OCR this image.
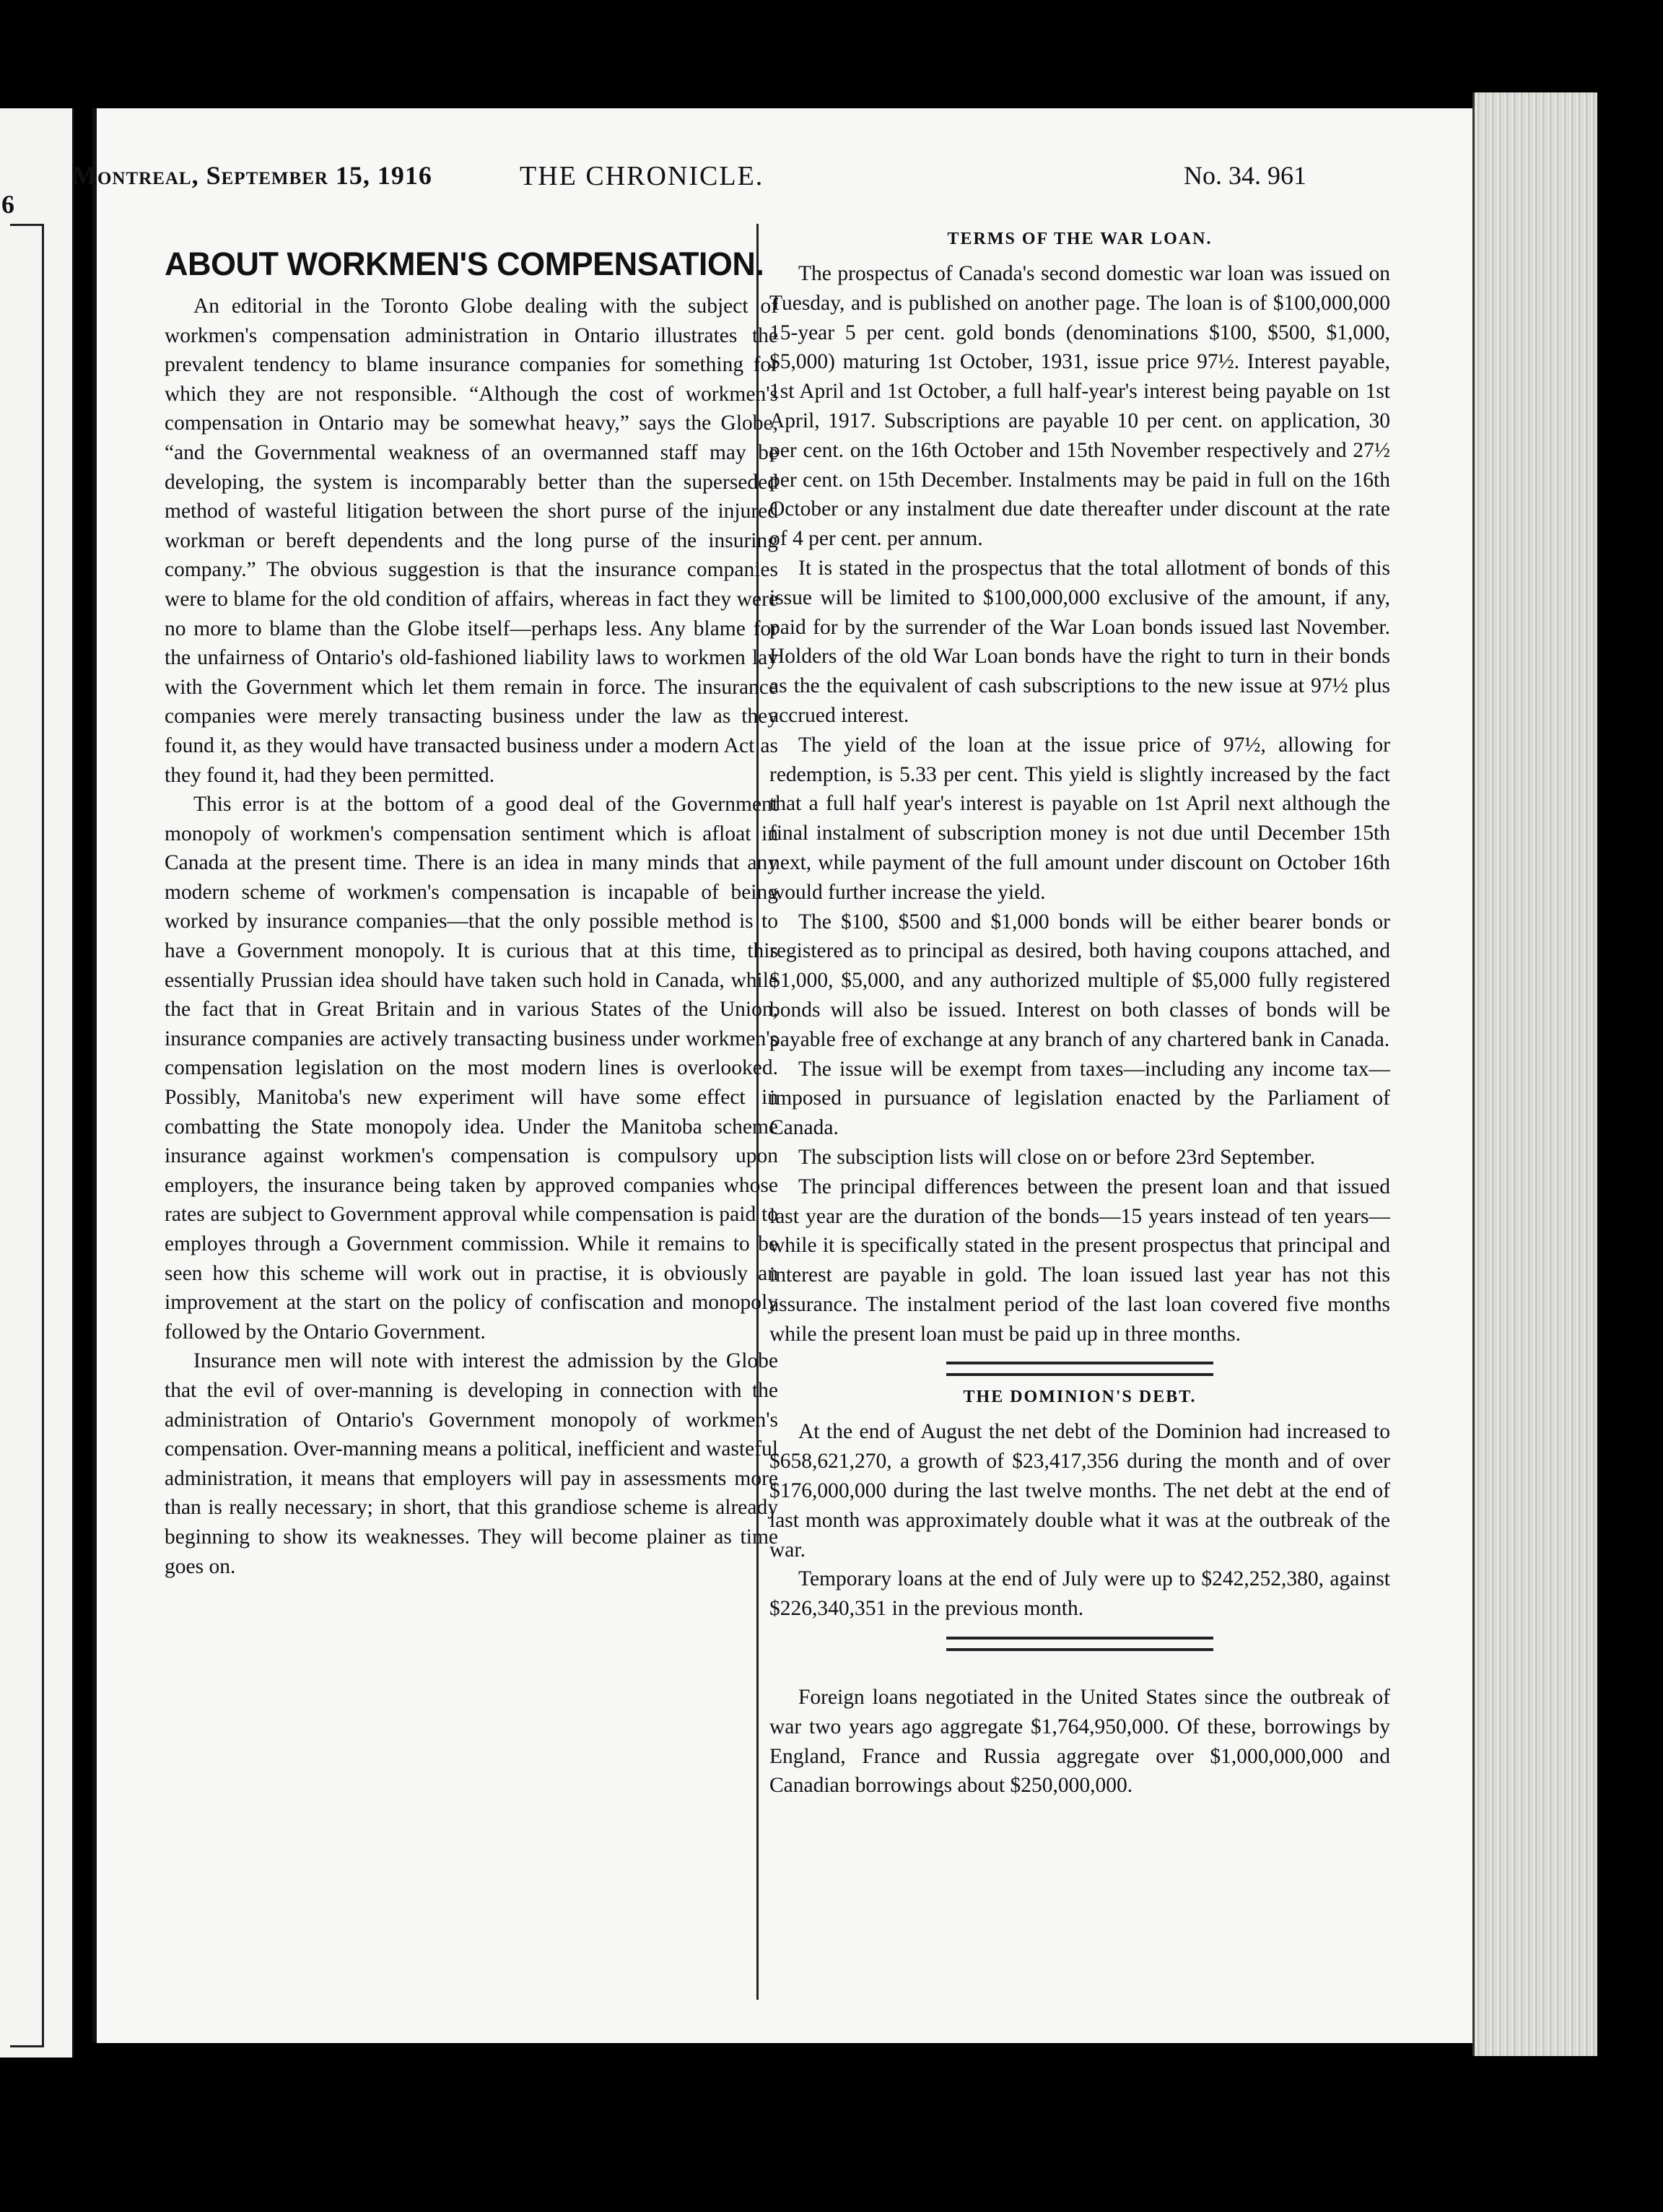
6
Montreal, September 15, 1916	THE CHRONICLE.	No. 34. 961
ABOUT WORKMEN'S COMPENSATION.

An editorial in the Toronto Globe dealing with the subject of workmen's compensation administration in Ontario illustrates the prevalent tendency to blame insurance companies for something for which they are not responsible. “Although the cost of workmen's compensation in Ontario may be somewhat heavy,” says the Globe, “and the Governmental weakness of an overmanned staff may be developing, the system is incomparably better than the superseded method of wasteful litigation between the short purse of the injured workman or bereft dependents and the long purse of the insuring company.” The obvious suggestion is that the insurance companies were to blame for the old condition of affairs, whereas in fact they were no more to blame than the Globe itself—perhaps less. Any blame for the unfairness of Ontario's old-fashioned liability laws to workmen lay with the Government which let them remain in force. The insurance companies were merely transacting business under the law as they found it, as they would have transacted business under a modern Act as they found it, had they been permitted.

This error is at the bottom of a good deal of the Government monopoly of workmen's compensation sentiment which is afloat in Canada at the present time. There is an idea in many minds that any modern scheme of workmen's compensation is incapable of being worked by insurance companies—that the only possible method is to have a Government monopoly. It is curious that at this time, this essentially Prussian idea should have taken such hold in Canada, while the fact that in Great Britain and in various States of the Union, insurance companies are actively transacting business under workmen's compensation legislation on the most modern lines is overlooked. Possibly, Manitoba's new experiment will have some effect in combatting the State monopoly idea. Under the Manitoba scheme insurance against workmen's compensation is compulsory upon employers, the insurance being taken by approved companies whose rates are subject to Government approval while compensation is paid to employes through a Government commission. While it remains to be seen how this scheme will work out in practise, it is obviously an improvement at the start on the policy of confiscation and monopoly followed by the Ontario Government.

Insurance men will note with interest the admission by the Globe that the evil of over-manning is developing in connection with the administration of Ontario's Government monopoly of workmen's compensation. Over-manning means a political, inefficient and wasteful administration, it means that employers will pay in assessments more than is really necessary; in short, that this grandiose scheme is already beginning to show its weaknesses. They will become plainer as time goes on.

TERMS OF THE WAR LOAN.

The prospectus of Canada's second domestic war loan was issued on Tuesday, and is published on another page. The loan is of $100,000,000 15-year 5 per cent. gold bonds (denominations $100, $500, $1,000, $5,000) maturing 1st October, 1931, issue price 97½. Interest payable, 1st April and 1st October, a full half-year's interest being payable on 1st April, 1917. Subscriptions are payable 10 per cent. on application, 30 per cent. on the 16th October and 15th November respectively and 27½ per cent. on 15th December. Instalments may be paid in full on the 16th October or any instalment due date thereafter under discount at the rate of 4 per cent. per annum.

It is stated in the prospectus that the total allotment of bonds of this issue will be limited to $100,000,000 exclusive of the amount, if any, paid for by the surrender of the War Loan bonds issued last November. Holders of the old War Loan bonds have the right to turn in their bonds as the the equivalent of cash subscriptions to the new issue at 97½ plus accrued interest.

The yield of the loan at the issue price of 97½, allowing for redemption, is 5.33 per cent. This yield is slightly increased by the fact that a full half year's interest is payable on 1st April next although the final instalment of subscription money is not due until December 15th next, while payment of the full amount under discount on October 16th would further increase the yield.

The $100, $500 and $1,000 bonds will be either bearer bonds or registered as to principal as desired, both having coupons attached, and $1,000, $5,000, and any authorized multiple of $5,000 fully registered bonds will also be issued. Interest on both classes of bonds will be payable free of exchange at any branch of any chartered bank in Canada.

The issue will be exempt from taxes—including any income tax—imposed in pursuance of legislation enacted by the Parliament of Canada.

The subsciption lists will close on or before 23rd September.

The principal differences between the present loan and that issued last year are the duration of the bonds—15 years instead of ten years—while it is specifically stated in the present prospectus that principal and interest are payable in gold. The loan issued last year has not this assurance. The instalment period of the last loan covered five months while the present loan must be paid up in three months.

THE DOMINION'S DEBT.

At the end of August the net debt of the Dominion had increased to $658,621,270, a growth of $23,417,356 during the month and of over $176,000,000 during the last twelve months. The net debt at the end of last month was approximately double what it was at the outbreak of the war.

Temporary loans at the end of July were up to $242,252,380, against $226,340,351 in the previous month.

Foreign loans negotiated in the United States since the outbreak of war two years ago aggregate $1,764,950,000. Of these, borrowings by England, France and Russia aggregate over $1,000,000,000 and Canadian borrowings about $250,000,000.
